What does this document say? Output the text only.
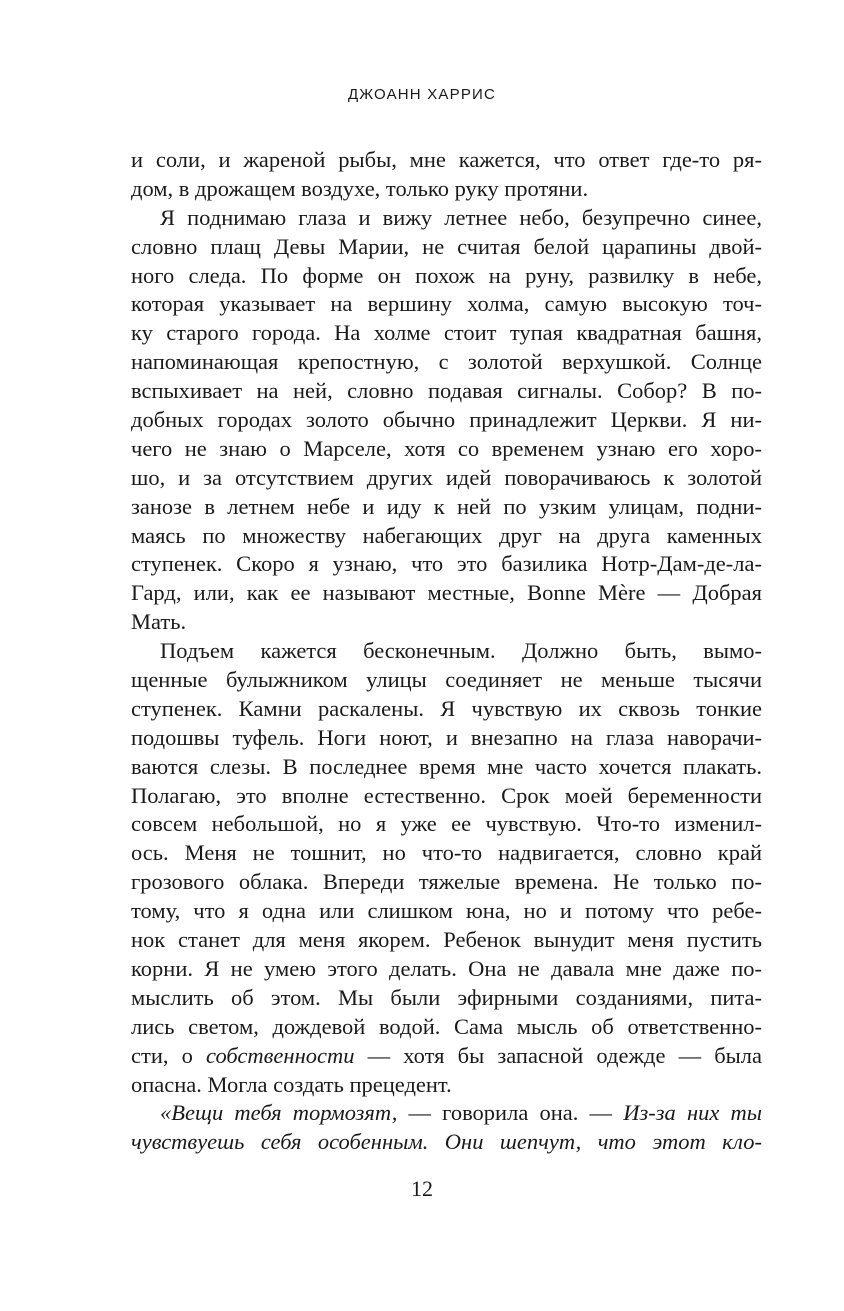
ДЖОАНН ХАРРИС
и соли, и жареной рыбы, мне кажется, что ответ где-то ря-
дом, в дрожащем воздухе, только руку протяни.
Я поднимаю глаза и вижу летнее небо, безупречно синее,
словно плащ Девы Марии, не считая белой царапины двой-
ного следа. По форме он похож на руну, развилку в небе,
которая указывает на вершину холма, самую высокую точ-
ку старого города. На холме стоит тупая квадратная башня,
напоминающая крепостную, с золотой верхушкой. Солнце
вспыхивает на ней, словно подавая сигналы. Собор? В по-
добных городах золото обычно принадлежит Церкви. Я ни-
чего не знаю о Марселе, хотя со временем узнаю его хоро-
шо, и за отсутствием других идей поворачиваюсь к золотой
занозе в летнем небе и иду к ней по узким улицам, подни-
маясь по множеству набегающих друг на друга каменных
ступенек. Скоро я узнаю, что это базилика Нотр-Дам-де-ла-
Гард, или, как ее называют местные, Bonne Mère — Добрая
Мать.
Подъем кажется бесконечным. Должно быть, вымо-
щенные булыжником улицы соединяет не меньше тысячи
ступенек. Камни раскалены. Я чувствую их сквозь тонкие
подошвы туфель. Ноги ноют, и внезапно на глаза наворачи-
ваются слезы. В последнее время мне часто хочется плакать.
Полагаю, это вполне естественно. Срок моей беременности
совсем небольшой, но я уже ее чувствую. Что-то изменил-
ось. Меня не тошнит, но что-то надвигается, словно край
грозового облака. Впереди тяжелые времена. Не только по-
тому, что я одна или слишком юна, но и потому что ребе-
нок станет для меня якорем. Ребенок вынудит меня пустить
корни. Я не умею этого делать. Она не давала мне даже по-
мыслить об этом. Мы были эфирными созданиями, пита-
лись светом, дождевой водой. Сама мысль об ответственно-
сти, о собственности — хотя бы запасной одежде — была
опасна. Могла создать прецедент.
«Вещи тебя тормозят, — говорила она. — Из-за них ты
чувствуешь себя особенным. Они шепчут, что этот кло-
12
